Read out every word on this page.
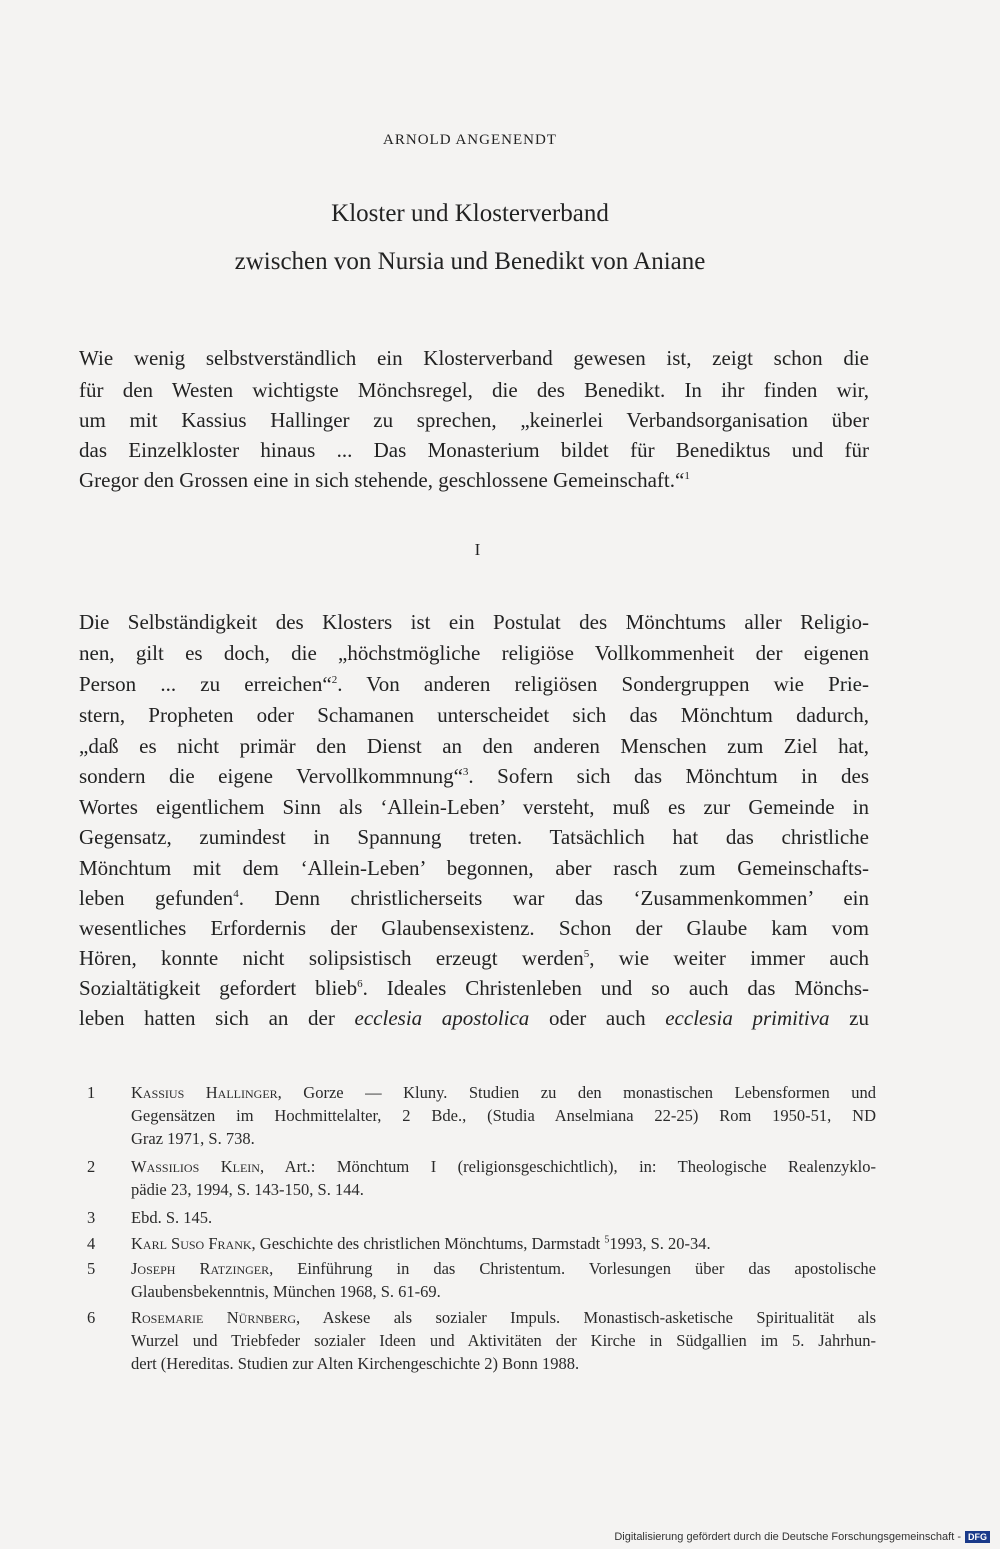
ARNOLD ANGENENDT
Kloster und Klosterverband
zwischen von Nursia und Benedikt von Aniane
Wie wenig selbstverständlich ein Klosterverband gewesen ist, zeigt schon die
für den Westen wichtigste Mönchsregel, die des Benedikt. In ihr finden wir,
um mit Kassius Hallinger zu sprechen, „keinerlei Verbandsorganisation über
das Einzelkloster hinaus ... Das Monasterium bildet für Benediktus und für
Gregor den Grossen eine in sich stehende, geschlossene Gemeinschaft.“$^1$
I
Die Selbständigkeit des Klosters ist ein Postulat des Mönchtums aller Religio-
nen, gilt es doch, die „höchstmögliche religiöse Vollkommenheit der eigenen
Person ... zu erreichen“$^2$. Von anderen religiösen Sondergruppen wie Prie-
stern, Propheten oder Schamanen unterscheidet sich das Mönchtum dadurch,
„daß es nicht primär den Dienst an den anderen Menschen zum Ziel hat,
sondern die eigene Vervollkommnung“$^3$. Sofern sich das Mönchtum in des
Wortes eigentlichem Sinn als ‘Allein-Leben’ versteht, muß es zur Gemeinde in
Gegensatz, zumindest in Spannung treten. Tatsächlich hat das christliche
Mönchtum mit dem ‘Allein-Leben’ begonnen, aber rasch zum Gemeinschafts-
leben gefunden$^4$. Denn christlicherseits war das ‘Zusammenkommen’ ein
wesentliches Erfordernis der Glaubensexistenz. Schon der Glaube kam vom
Hören, konnte nicht solipsistisch erzeugt werden$^5$, wie weiter immer auch
Sozialtätigkeit gefordert blieb$^6$. Ideales Christenleben und so auch das Mönchs-
leben hatten sich an der ecclesia apostolica oder auch ecclesia primitiva zu
1 Kassius Hallinger, Gorze — Kluny. Studien zu den monastischen Lebensformen und
Gegensätzen im Hochmittelalter, 2 Bde., (Studia Anselmiana 22-25) Rom 1950-51, ND
Graz 1971, S. 738.
2 Wassilios Klein, Art.: Mönchtum I (religionsgeschichtlich), in: Theologische Realenzyklo-
pädie 23, 1994, S. 143-150, S. 144.
3 Ebd. S. 145.
4 Karl Suso Frank, Geschichte des christlichen Mönchtums, Darmstadt $^5$1993, S. 20-34.
5 Joseph Ratzinger, Einführung in das Christentum. Vorlesungen über das apostolische
Glaubensbekenntnis, München 1968, S. 61-69.
6 Rosemarie Nürnberg, Askese als sozialer Impuls. Monastisch-asketische Spiritualität als
Wurzel und Triebfeder sozialer Ideen und Aktivitäten der Kirche in Südgallien im 5. Jahrhun-
dert (Hereditas. Studien zur Alten Kirchengeschichte 2) Bonn 1988.
Digitalisierung gefördert durch die Deutsche Forschungsgemeinschaft - DFG
